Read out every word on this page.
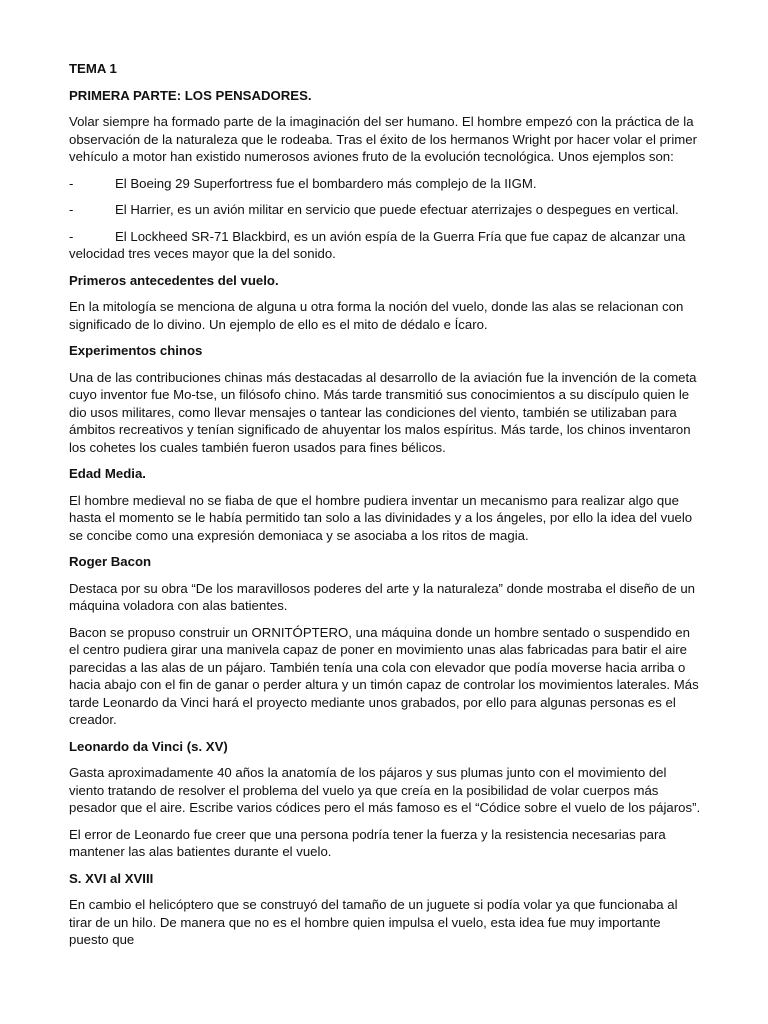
TEMA 1

PRIMERA PARTE: LOS PENSADORES.

Volar siempre ha formado parte de la imaginación del ser humano. El hombre empezó con la práctica de la observación de la naturaleza que le rodeaba. Tras el éxito de los hermanos Wright por hacer volar el primer vehículo a motor han existido numerosos aviones fruto de la evolución tecnológica. Unos ejemplos son:

-	El Boeing 29 Superfortress fue el bombardero más complejo de la IIGM.

-	El Harrier, es un avión militar en servicio que puede efectuar aterrizajes o despegues en vertical.

-	El Lockheed SR-71 Blackbird, es un avión espía de la Guerra Fría que fue capaz de alcanzar una
velocidad tres veces mayor que la del sonido.

Primeros antecedentes del vuelo.

En la mitología se menciona de alguna u otra forma la noción del vuelo, donde las alas se relacionan con significado de lo divino. Un ejemplo de ello es el mito de dédalo e Ícaro.

Experimentos chinos

Una de las contribuciones chinas más destacadas al desarrollo de la aviación fue la invención de la cometa cuyo inventor fue Mo-tse, un filósofo chino. Más tarde transmitió sus conocimientos a su discípulo quien le dio usos militares, como llevar mensajes o tantear las condiciones del viento, también se utilizaban para ámbitos recreativos y tenían significado de ahuyentar los malos espíritus. Más tarde, los chinos inventaron los cohetes los cuales también fueron usados para fines bélicos.

Edad Media.

El hombre medieval no se fiaba de que el hombre pudiera inventar un mecanismo para realizar algo que hasta el momento se le había permitido tan solo a las divinidades y a los ángeles, por ello la idea del vuelo se concibe como una expresión demoniaca y se asociaba a los ritos de magia.

Roger Bacon

Destaca por su obra “De los maravillosos poderes del arte y la naturaleza” donde mostraba el diseño de un máquina voladora con alas batientes.

Bacon se propuso construir un ORNITÓPTERO, una máquina donde un hombre sentado o suspendido en el centro pudiera girar una manivela capaz de poner en movimiento unas alas fabricadas para batir el aire parecidas a las alas de un pájaro. También tenía una cola con elevador que podía moverse hacia arriba o hacia abajo con el fin de ganar o perder altura y un timón capaz de controlar los movimientos laterales. Más tarde Leonardo da Vinci hará el proyecto mediante unos grabados, por ello para algunas personas es el creador.

Leonardo da Vinci (s. XV)

Gasta aproximadamente 40 años la anatomía de los pájaros y sus plumas junto con el movimiento del viento tratando de resolver el problema del vuelo ya que creía en la posibilidad de volar cuerpos más pesador que el aire. Escribe varios códices pero el más famoso es el “Códice sobre el vuelo de los pájaros”.

El error de Leonardo fue creer que una persona podría tener la fuerza y la resistencia necesarias para mantener las alas batientes durante el vuelo.

S. XVI al XVIII

En cambio el helicóptero que se construyó del tamaño de un juguete si podía volar ya que funcionaba al tirar de un hilo. De manera que no es el hombre quien impulsa el vuelo, esta idea fue muy importante puesto que
